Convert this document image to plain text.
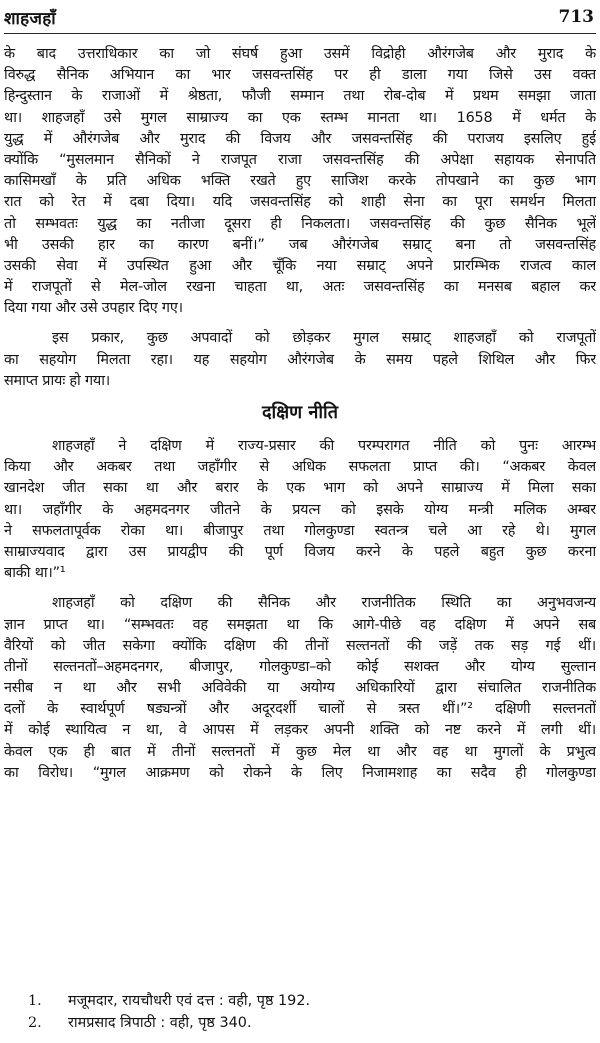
शाहजहाँ	713
के बाद उत्तराधिकार का जो संघर्ष हुआ उसमें विद्रोही औरंगजेब और मुराद के
विरुद्ध सैनिक अभियान का भार जसवन्तसिंह पर ही डाला गया जिसे उस वक्त
हिन्दुस्तान के राजाओं में श्रेष्ठता, फौजी सम्मान तथा रोब-दोब में प्रथम समझा जाता
था। शाहजहाँ उसे मुगल साम्राज्य का एक स्तम्भ मानता था। 1658 में धर्मत के
युद्ध में औरंगजेब और मुराद की विजय और जसवन्तसिंह की पराजय इसलिए हुई
क्योंकि “मुसलमान सैनिकों ने राजपूत राजा जसवन्तसिंह की अपेक्षा सहायक सेनापति
कासिमखाँ के प्रति अधिक भक्ति रखते हुए साजिश करके तोपखाने का कुछ भाग
रात को रेत में दबा दिया। यदि जसवन्तसिंह को शाही सेना का पूरा समर्थन मिलता
तो सम्भवतः युद्ध का नतीजा दूसरा ही निकलता। जसवन्तसिंह की कुछ सैनिक भूलें
भी उसकी हार का कारण बनीं।” जब औरंगजेब सम्राट् बना तो जसवन्तसिंह
उसकी सेवा में उपस्थित हुआ और चूँकि नया सम्राट् अपने प्रारम्भिक राजत्व काल
में राजपूतों से मेल-जोल रखना चाहता था, अतः जसवन्तसिंह का मनसब बहाल कर
दिया गया और उसे उपहार दिए गए।
इस प्रकार, कुछ अपवादों को छोड़कर मुगल सम्राट् शाहजहाँ को राजपूतों
का सहयोग मिलता रहा। यह सहयोग औरंगजेब के समय पहले शिथिल और फिर
समाप्त प्रायः हो गया।
दक्षिण नीति
शाहजहाँ ने दक्षिण में राज्य-प्रसार की परम्परागत नीति को पुनः आरम्भ
किया और अकबर तथा जहाँगीर से अधिक सफलता प्राप्त की। “अकबर केवल
खानदेश जीत सका था और बरार के एक भाग को अपने साम्राज्य में मिला सका
था। जहाँगीर के अहमदनगर जीतने के प्रयत्न को इसके योग्य मन्त्री मलिक अम्बर
ने सफलतापूर्वक रोका था। बीजापुर तथा गोलकुण्डा स्वतन्त्र चले आ रहे थे। मुगल
साम्राज्यवाद द्वारा उस प्रायद्वीप की पूर्ण विजय करने के पहले बहुत कुछ करना
बाकी था।”¹
शाहजहाँ को दक्षिण की सैनिक और राजनीतिक स्थिति का अनुभवजन्य
ज्ञान प्राप्त था। “सम्भवतः वह समझता था कि आगे-पीछे वह दक्षिण में अपने सब
वैरियों को जीत सकेगा क्योंकि दक्षिण की तीनों सल्तनतों की जड़ें तक सड़ गई थीं।
तीनों सल्तनतों–अहमदनगर, बीजापुर, गोलकुण्डा–को कोई सशक्त और योग्य सुल्तान
नसीब न था और सभी अविवेकी या अयोग्य अधिकारियों द्वारा संचालित राजनीतिक
दलों के स्वार्थपूर्ण षड्यन्त्रों और अदूरदर्शी चालों से त्रस्त थीं।”² दक्षिणी सल्तनतों
में कोई स्थायित्व न था, वे आपस में लड़कर अपनी शक्ति को नष्ट करने में लगी थीं।
केवल एक ही बात में तीनों सल्तनतों में कुछ मेल था और वह था मुगलों के प्रभुत्व
का विरोध। “मुगल आक्रमण को रोकने के लिए निजामशाह का सदैव ही गोलकुण्डा
1.	मजूमदार, रायचौधरी एवं दत्त : वही, पृष्ठ 192.
2.	रामप्रसाद त्रिपाठी : वही, पृष्ठ 340.
